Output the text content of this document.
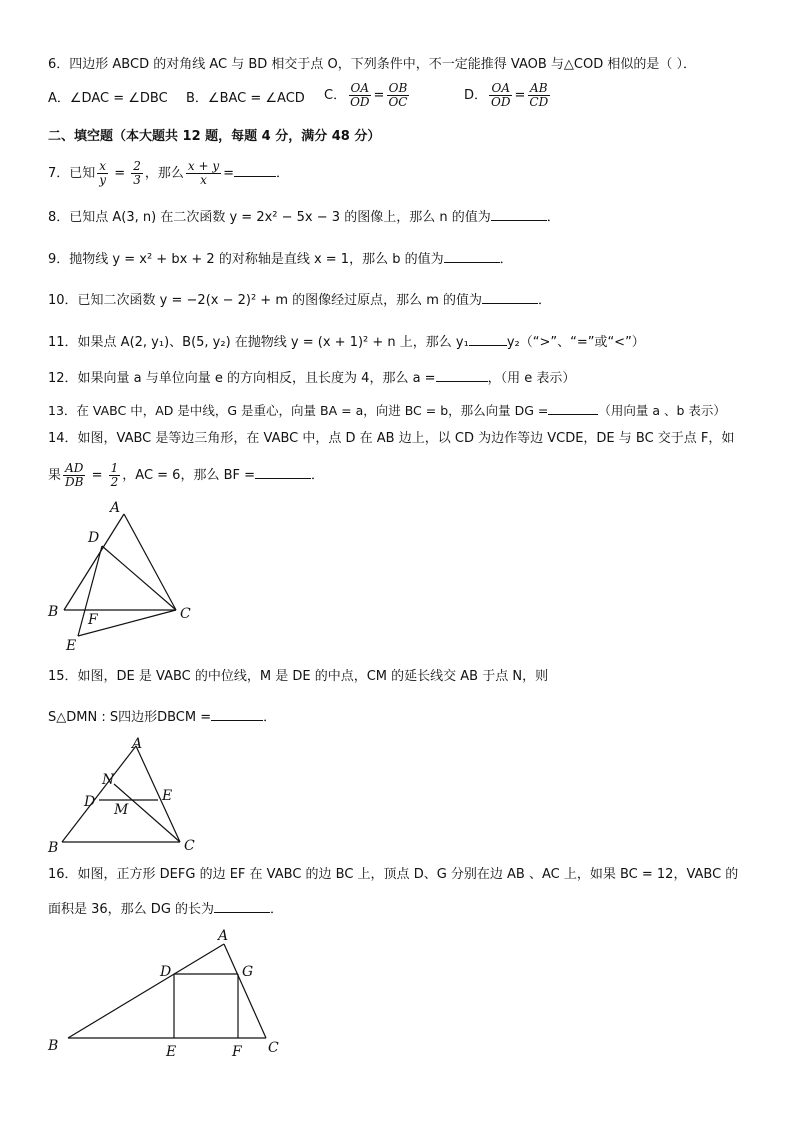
6．四边形 ABCD 的对角线 AC 与 BD 相交于点 O，下列条件中，不一定能推得 VAOB 与△COD 相似的是（ ）．
A．∠DAC = ∠DBC B．∠BAC = ∠ACD C． $\frac{OA}{OD} = \frac{OB}{OC}$	D． $\frac{OA}{OD} = \frac{AB}{CD}$
二、填空题（本大题共 12 题，每题 4 分，满分 48 分）
7．已知 $\frac{x}{y} = \frac{2}{3}$ ，那么 $\frac{x + y}{x}$ =	．
8．已知点 A(3, n) 在二次函数 y = 2x² − 5x − 3 的图像上，那么 n 的值为	．
9．抛物线 y = x² + bx + 2 的对称轴是直线 x = 1，那么 b 的值为	．
10．已知二次函数 y = −2(x − 2)² + m 的图像经过原点，那么 m 的值为	．
11．如果点 A(2, y₁)、B(5, y₂) 在抛物线 y = (x + 1)² + n 上，那么 y₁	y₂（“>”、“=”或“<”）
12．如果向量 a 与单位向量 e 的方向相反，且长度为 4，那么 a =	，（用 e 表示）
13．在 VABC 中，AD 是中线，G 是重心，向量 BA = a，向进 BC = b，那么向量 DG =	（用向量 a 、b 表示）
14．如图，VABC 是等边三角形，在 VABC 中，点 D 在 AB 边上，以 CD 为边作等边 VCDE，DE 与 BC 交于点 F，如
果 $\frac{AD}{DB} = \frac{1}{2}$ ，AC = 6，那么 BF =	．
A
D
B	C
F
E
15．如图，DE 是 VABC 的中位线，M 是 DE 的中点，CM 的延长线交 AB 于点 N，则
S△DMN : S四边形DBCM =	．
A
N
D	E
M
B	C
16．如图，正方形 DEFG 的边 EF 在 VABC 的边 BC 上，顶点 D、G 分别在边 AB 、AC 上，如果 BC = 12，VABC 的
面积是 36，那么 DG 的长为	．
A
D	G
B	E	F C
